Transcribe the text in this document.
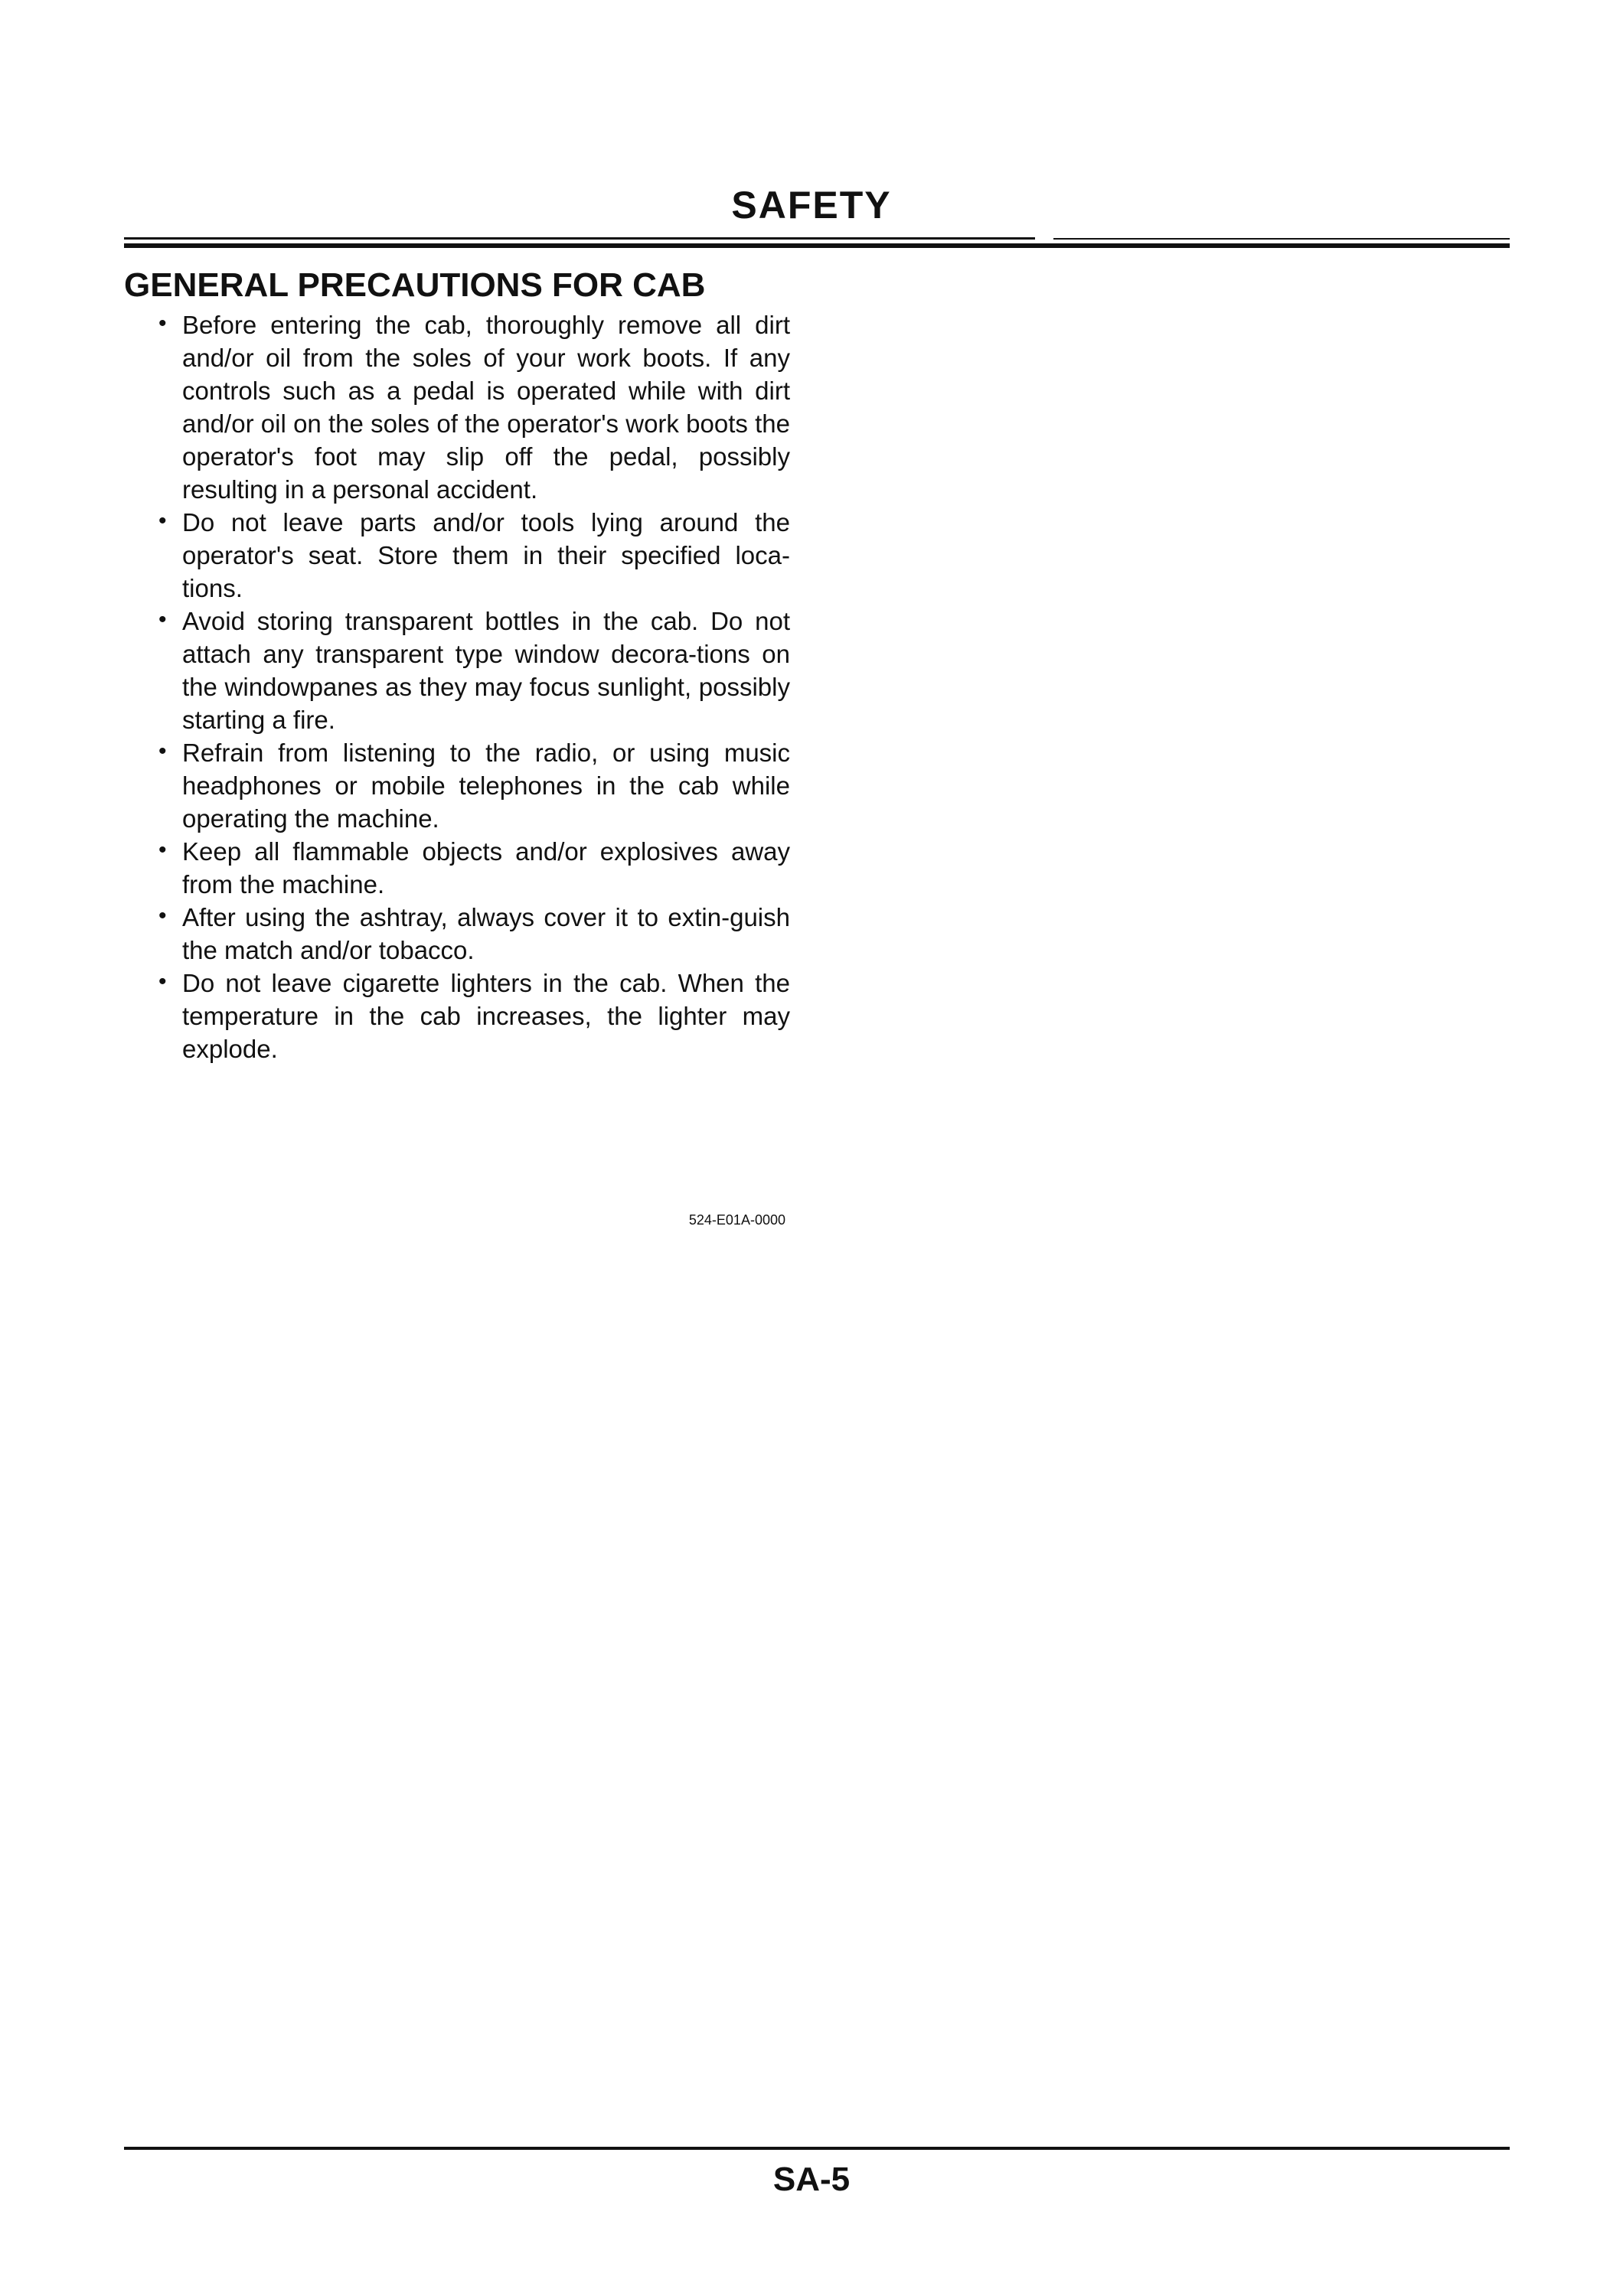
SAFETY
GENERAL PRECAUTIONS FOR CAB
• Before entering the cab, thoroughly remove all dirt and/or oil from the soles of your work boots. If any controls such as a pedal is operated while with dirt and/or oil on the soles of the operator's work boots the operator's foot may slip off the pedal, possibly resulting in a personal accident.
• Do not leave parts and/or tools lying around the operator's seat. Store them in their specified loca-tions.
• Avoid storing transparent bottles in the cab. Do not attach any transparent type window decora-tions on the windowpanes as they may focus sunlight, possibly starting a fire.
• Refrain from listening to the radio, or using music headphones or mobile telephones in the cab while operating the machine.
• Keep all flammable objects and/or explosives away from the machine.
• After using the ashtray, always cover it to extin-guish the match and/or tobacco.
• Do not leave cigarette lighters in the cab. When the temperature in the cab increases, the lighter may explode.
524-E01A-0000
SA-5
